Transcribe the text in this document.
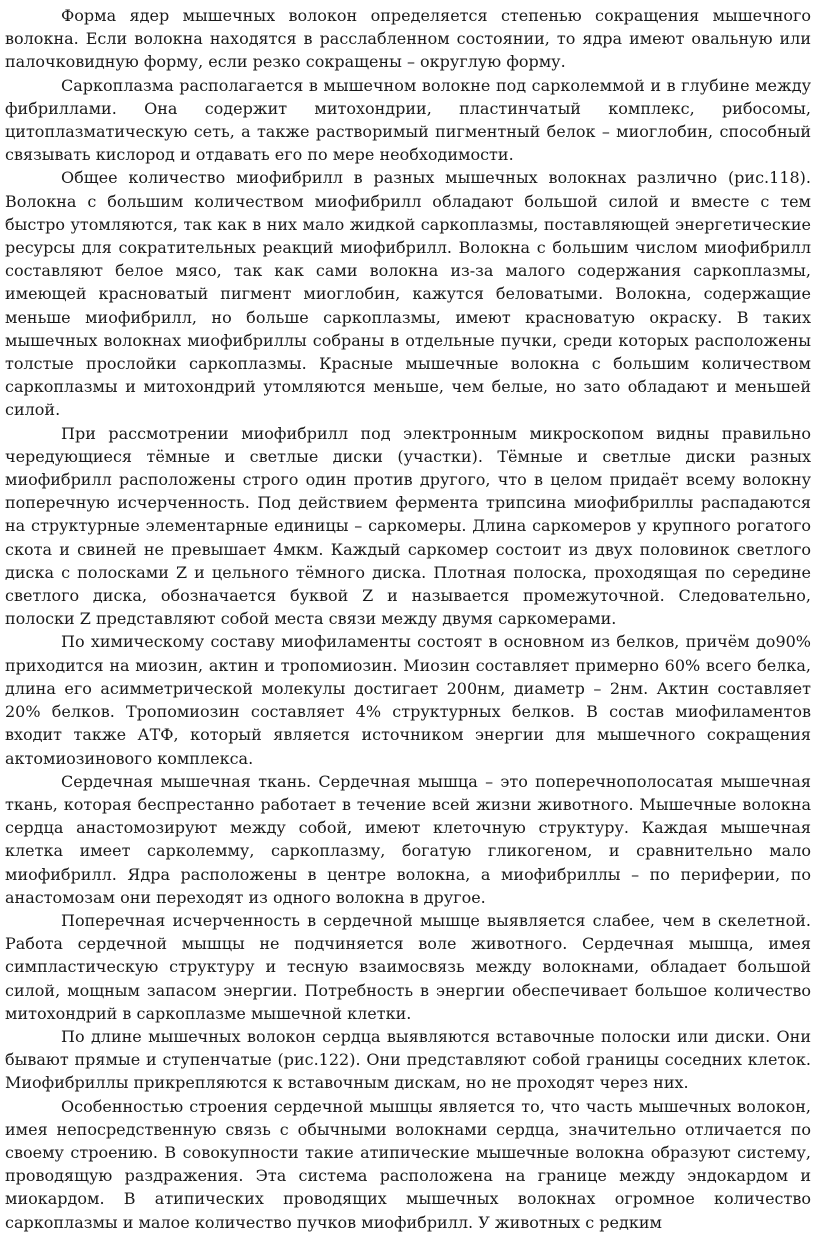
Форма ядер мышечных волокон определяется степенью сокращения мышечного волокна. Если волокна находятся в расслабленном состоянии, то ядра имеют овальную или палочковидную форму, если резко сокращены – округлую форму.

Саркоплазма располагается в мышечном волокне под сарколеммой и в глубине между фибриллами. Она содержит митохондрии, пластинчатый комплекс, рибосомы, цитоплазматическую сеть, а также растворимый пигментный белок – миоглобин, способный связывать кислород и отдавать его по мере необходимости.

Общее количество миофибрилл в разных мышечных волокнах различно (рис.118). Волокна с большим количеством миофибрилл обладают большой силой и вместе с тем быстро утомляются, так как в них мало жидкой саркоплазмы, поставляющей энергетические ресурсы для сократительных реакций миофибрилл. Волокна с большим числом миофибрилл составляют белое мясо, так как сами волокна из-за малого содержания саркоплазмы, имеющей красноватый пигмент миоглобин, кажутся беловатыми. Волокна, содержащие меньше миофибрилл, но больше саркоплазмы, имеют красноватую окраску. В таких мышечных волокнах миофибриллы собраны в отдельные пучки, среди которых расположены толстые прослойки саркоплазмы. Красные мышечные волокна с большим количеством саркоплазмы и митохондрий утомляются меньше, чем белые, но зато обладают и меньшей силой.

При рассмотрении миофибрилл под электронным микроскопом видны правильно чередующиеся тёмные и светлые диски (участки). Тёмные и светлые диски разных миофибрилл расположены строго один против другого, что в целом придаёт всему волокну поперечную исчерченность. Под действием фермента трипсина миофибриллы распадаются на структурные элементарные единицы – саркомеры. Длина саркомеров у крупного рогатого скота и свиней не превышает 4мкм. Каждый саркомер состоит из двух половинок светлого диска с полосками Z и цельного тёмного диска. Плотная полоска, проходящая по середине светлого диска, обозначается буквой Z и называется промежуточной. Следовательно, полоски Z представляют собой места связи между двумя саркомерами.

По химическому составу миофиламенты состоят в основном из белков, причём до90% приходится на миозин, актин и тропомиозин. Миозин составляет примерно 60% всего белка, длина его асимметрической молекулы достигает 200нм, диаметр – 2нм. Актин составляет 20% белков. Тропомиозин составляет 4% структурных белков. В состав миофиламентов входит также АТФ, который является источником энергии для мышечного сокращения актомиозинового комплекса.

Сердечная мышечная ткань. Сердечная мышца – это поперечнополосатая мышечная ткань, которая беспрестанно работает в течение всей жизни животного. Мышечные волокна сердца анастомозируют между собой, имеют клеточную структуру. Каждая мышечная клетка имеет сарколемму, саркоплазму, богатую гликогеном, и сравнительно мало миофибрилл. Ядра расположены в центре волокна, а миофибриллы – по периферии, по анастомозам они переходят из одного волокна в другое.

Поперечная исчерченность в сердечной мышце выявляется слабее, чем в скелетной. Работа сердечной мышцы не подчиняется воле животного. Сердечная мышца, имея симпластическую структуру и тесную взаимосвязь между волокнами, обладает большой силой, мощным запасом энергии. Потребность в энергии обеспечивает большое количество митохондрий в саркоплазме мышечной клетки.

По длине мышечных волокон сердца выявляются вставочные полоски или диски. Они бывают прямые и ступенчатые (рис.122). Они представляют собой границы соседних клеток. Миофибриллы прикрепляются к вставочным дискам, но не проходят через них.

Особенностью строения сердечной мышцы является то, что часть мышечных волокон, имея непосредственную связь с обычными волокнами сердца, значительно отличается по своему строению. В совокупности такие атипические мышечные волокна образуют систему, проводящую раздражения. Эта система расположена на границе между эндокардом и миокардом. В атипических проводящих мышечных волокнах огромное количество саркоплазмы и малое количество пучков миофибрилл. У животных с редким
